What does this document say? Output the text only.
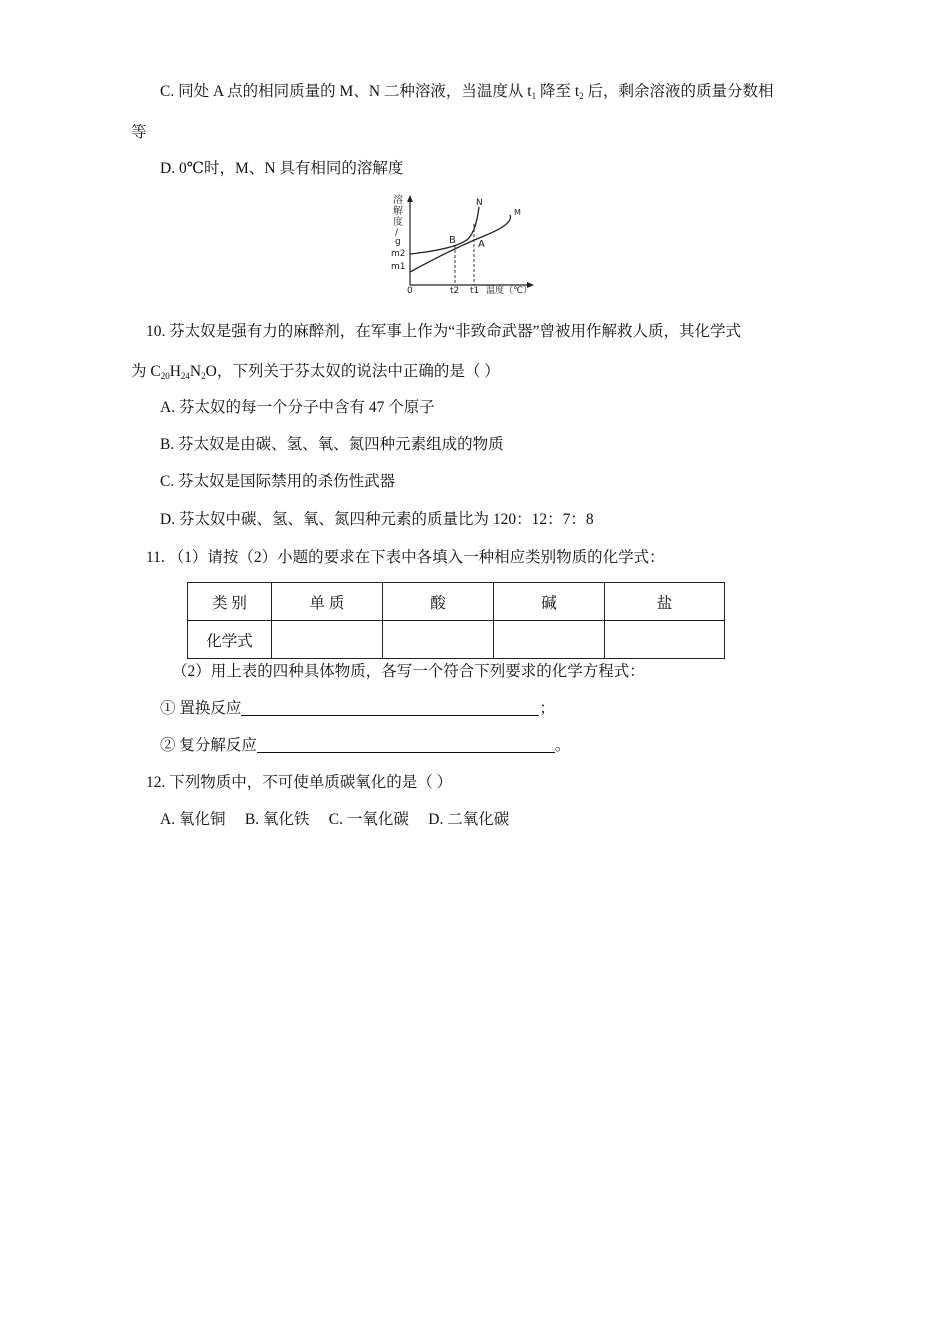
C. 同处 A 点的相同质量的 M、N 二种溶液，当温度从 $t_1$ 降至 $t_2$ 后，剩余溶液的质量分数相
等
D. 0℃时，M、N 具有相同的溶解度
溶
解
度
/
g
m2
m1
0	t2 t1 温度（℃）
N
M
B A
10. 芬太奴是强有力的麻醉剂，在军事上作为“非致命武器”曾被用作解救人质，其化学式
为 $C_{20}H_{24}N_2O$，下列关于芬太奴的说法中正确的是（ ）
A. 芬太奴的每一个分子中含有 47 个原子
B. 芬太奴是由碳、氢、氧、氮四种元素组成的物质
C. 芬太奴是国际禁用的杀伤性武器
D. 芬太奴中碳、氢、氧、氮四种元素的质量比为 120：12：7：8
11. （1）请按（2）小题的要求在下表中各填入一种相应类别物质的化学式：
类 别	单 质	酸	碱	盐
化学式				
（2）用上表的四种具体物质，各写一个符合下列要求的化学方程式：
① 置换反应	；
② 复分解反应	。
12. 下列物质中，不可使单质碳氧化的是（ ）
A. 氧化铜     B. 氧化铁     C. 一氧化碳     D. 二氧化碳
